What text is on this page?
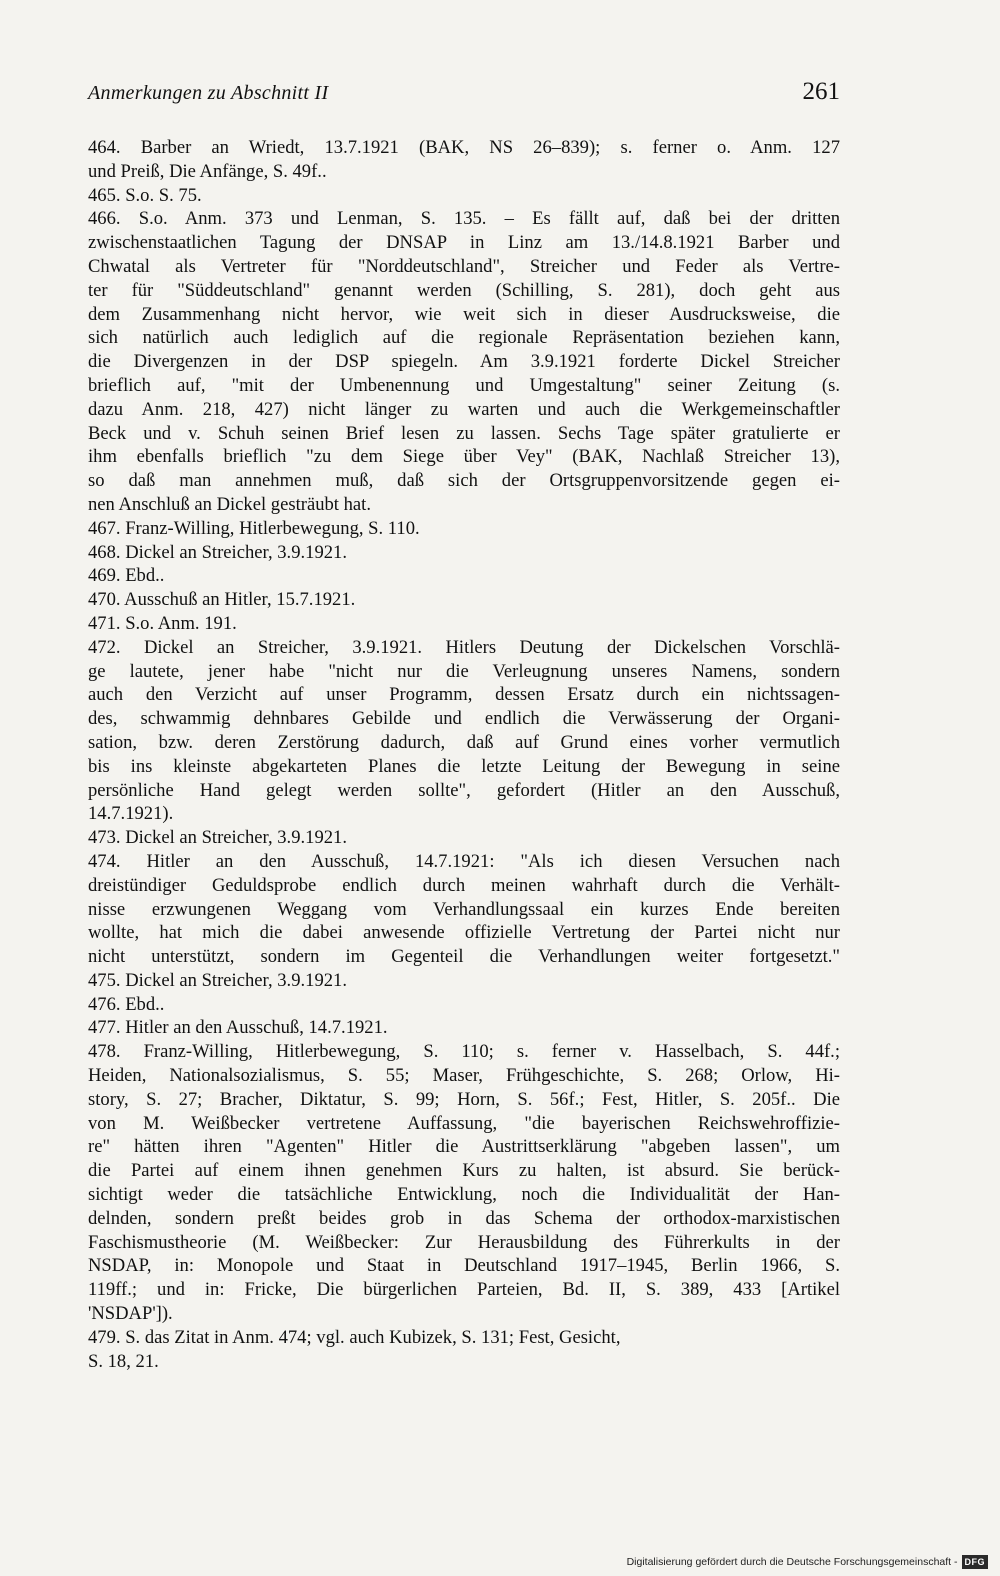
Anmerkungen zu Abschnitt II	261
464. Barber an Wriedt, 13.7.1921 (BAK, NS 26–839); s. ferner o. Anm. 127
und Preiß, Die Anfänge, S. 49f..
465. S.o. S. 75.
466. S.o. Anm. 373 und Lenman, S. 135. – Es fällt auf, daß bei der dritten
zwischenstaatlichen Tagung der DNSAP in Linz am 13./14.8.1921 Barber und
Chwatal als Vertreter für "Norddeutschland", Streicher und Feder als Vertre-
ter für "Süddeutschland" genannt werden (Schilling, S. 281), doch geht aus
dem Zusammenhang nicht hervor, wie weit sich in dieser Ausdrucksweise, die
sich natürlich auch lediglich auf die regionale Repräsentation beziehen kann,
die Divergenzen in der DSP spiegeln. Am 3.9.1921 forderte Dickel Streicher
brieflich auf, "mit der Umbenennung und Umgestaltung" seiner Zeitung (s.
dazu Anm. 218, 427) nicht länger zu warten und auch die Werkgemeinschaftler
Beck und v. Schuh seinen Brief lesen zu lassen. Sechs Tage später gratulierte er
ihm ebenfalls brieflich "zu dem Siege über Vey" (BAK, Nachlaß Streicher 13),
so daß man annehmen muß, daß sich der Ortsgruppenvorsitzende gegen ei-
nen Anschluß an Dickel gesträubt hat.
467. Franz-Willing, Hitlerbewegung, S. 110.
468. Dickel an Streicher, 3.9.1921.
469. Ebd..
470. Ausschuß an Hitler, 15.7.1921.
471. S.o. Anm. 191.
472. Dickel an Streicher, 3.9.1921. Hitlers Deutung der Dickelschen Vorschlä-
ge lautete, jener habe "nicht nur die Verleugnung unseres Namens, sondern
auch den Verzicht auf unser Programm, dessen Ersatz durch ein nichtssagen-
des, schwammig dehnbares Gebilde und endlich die Verwässerung der Organi-
sation, bzw. deren Zerstörung dadurch, daß auf Grund eines vorher vermutlich
bis ins kleinste abgekarteten Planes die letzte Leitung der Bewegung in seine
persönliche Hand gelegt werden sollte", gefordert (Hitler an den Ausschuß,
14.7.1921).
473. Dickel an Streicher, 3.9.1921.
474. Hitler an den Ausschuß, 14.7.1921: "Als ich diesen Versuchen nach
dreistündiger Geduldsprobe endlich durch meinen wahrhaft durch die Verhält-
nisse erzwungenen Weggang vom Verhandlungssaal ein kurzes Ende bereiten
wollte, hat mich die dabei anwesende offizielle Vertretung der Partei nicht nur
nicht unterstützt, sondern im Gegenteil die Verhandlungen weiter fortgesetzt."
475. Dickel an Streicher, 3.9.1921.
476. Ebd..
477. Hitler an den Ausschuß, 14.7.1921.
478. Franz-Willing, Hitlerbewegung, S. 110; s. ferner v. Hasselbach, S. 44f.;
Heiden, Nationalsozialismus, S. 55; Maser, Frühgeschichte, S. 268; Orlow, Hi-
story, S. 27; Bracher, Diktatur, S. 99; Horn, S. 56f.; Fest, Hitler, S. 205f.. Die
von M. Weißbecker vertretene Auffassung, "die bayerischen Reichswehroffizie-
re" hätten ihren "Agenten" Hitler die Austrittserklärung "abgeben lassen", um
die Partei auf einem ihnen genehmen Kurs zu halten, ist absurd. Sie berück-
sichtigt weder die tatsächliche Entwicklung, noch die Individualität der Han-
delnden, sondern preßt beides grob in das Schema der orthodox-marxistischen
Faschismustheorie (M. Weißbecker: Zur Herausbildung des Führerkults in der
NSDAP, in: Monopole und Staat in Deutschland 1917–1945, Berlin 1966, S.
119ff.; und in: Fricke, Die bürgerlichen Parteien, Bd. II, S. 389, 433 [Artikel
'NSDAP']).
479. S. das Zitat in Anm. 474; vgl. auch Kubizek, S. 131; Fest, Gesicht,
S. 18, 21.
Digitalisierung gefördert durch die Deutsche Forschungsgemeinschaft - DFG
